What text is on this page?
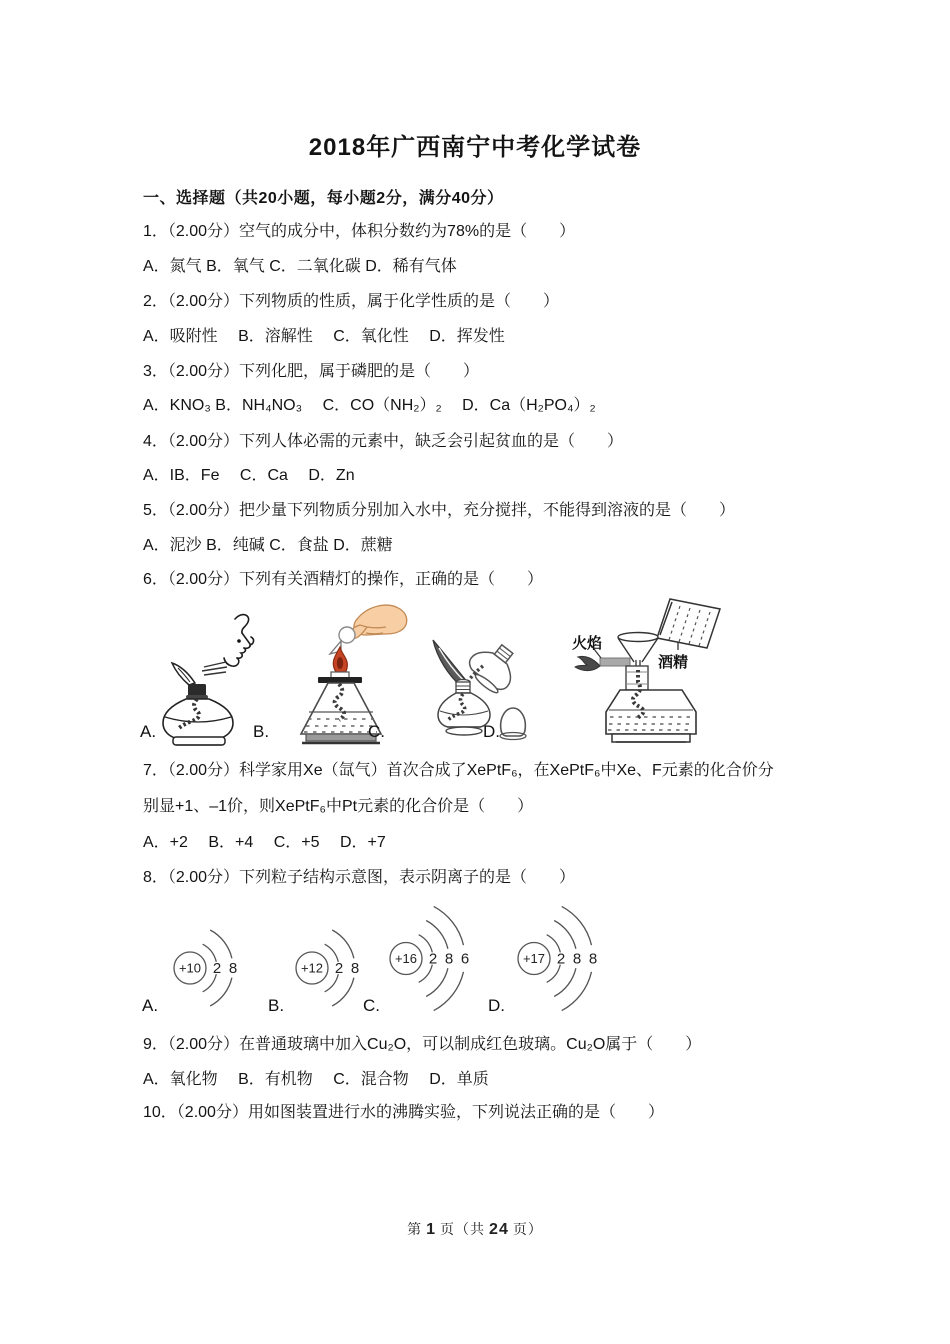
2018年广西南宁中考化学试卷
一、选择题（共20小题，每小题2分，满分40分）
1．（2.00分）空气的成分中，体积分数约为78%的是（　　）
A．氮气 B．氧气 C．二氧化碳 D．稀有气体
2．（2.00分）下列物质的性质，属于化学性质的是（　　）
A．吸附性　 B．溶解性　 C．氧化性　 D．挥发性
3．（2.00分）下列化肥，属于磷肥的是（　　）
A．KNO₃ B．NH₄NO₃　 C．CO（NH₂）₂　 D．Ca（H₂PO₄）₂
4．（2.00分）下列人体必需的元素中，缺乏会引起贫血的是（　　）
A．IB．Fe　 C．Ca　 D．Zn
5．（2.00分）把少量下列物质分别加入水中，充分搅拌，不能得到溶液的是（　　）
A．泥沙 B．纯碱 C．食盐 D．蔗糖
6．（2.00分）下列有关酒精灯的操作，正确的是（　　）
火焰
酒精
A.	B.	C.	D.
7．（2.00分）科学家用Xe（氙气）首次合成了XePtF₆，在XePtF₆中Xe、F元素的化合价分
别显+1、–1价，则XePtF₆中Pt元素的化合价是（　　）
A．+2　 B．+4　 C．+5　 D．+7
8．（2.00分）下列粒子结构示意图，表示阴离子的是（　　）
+10 2 8	+12 2 8
+16 2 8 6	+17 2 8 8
A.	B.	C.	D.
9．（2.00分）在普通玻璃中加入Cu₂O，可以制成红色玻璃。Cu₂O属于（　　）
A．氧化物　 B．有机物　 C．混合物　 D．单质
10．（2.00分）用如图装置进行水的沸腾实验，下列说法正确的是（　　）
第 1 页（共 24 页）
